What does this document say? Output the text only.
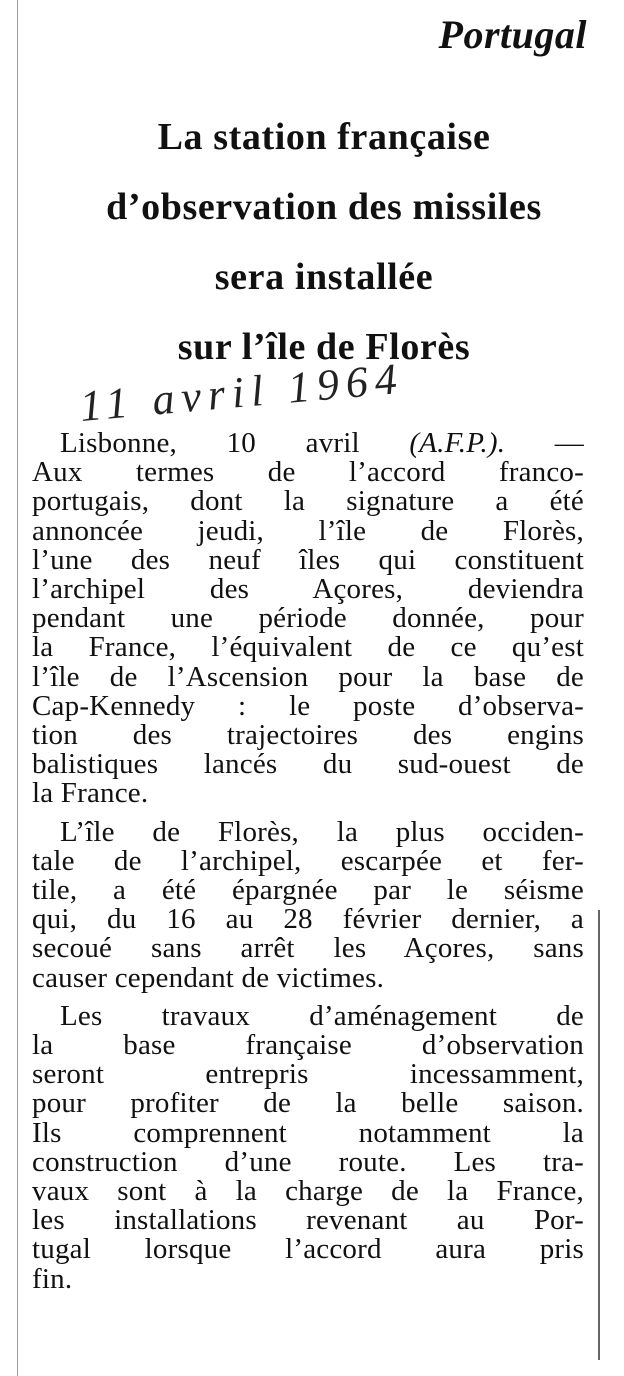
Portugal
La station française
d’observation des missiles
sera installée
sur l’île de Florès
11 avril 1964

Lisbonne, 10 avril (A.F.P.). —
Aux termes de l’accord franco-
portugais, dont la signature a été
annoncée jeudi, l’île de Florès,
l’une des neuf îles qui constituent
l’archipel des Açores, deviendra
pendant une période donnée, pour
la France, l’équivalent de ce qu’est
l’île de l’Ascension pour la base de
Cap-Kennedy : le poste d’observa-
tion des trajectoires des engins
balistiques lancés du sud-ouest de
la France.

L’île de Florès, la plus occiden-
tale de l’archipel, escarpée et fer-
tile, a été épargnée par le séisme
qui, du 16 au 28 février dernier, a
secoué sans arrêt les Açores, sans
causer cependant de victimes.

Les travaux d’aménagement de
la base française d’observation
seront entrepris incessamment,
pour profiter de la belle saison.
Ils comprennent notamment la
construction d’une route. Les tra-
vaux sont à la charge de la France,
les installations revenant au Por-
tugal lorsque l’accord aura pris
fin.
